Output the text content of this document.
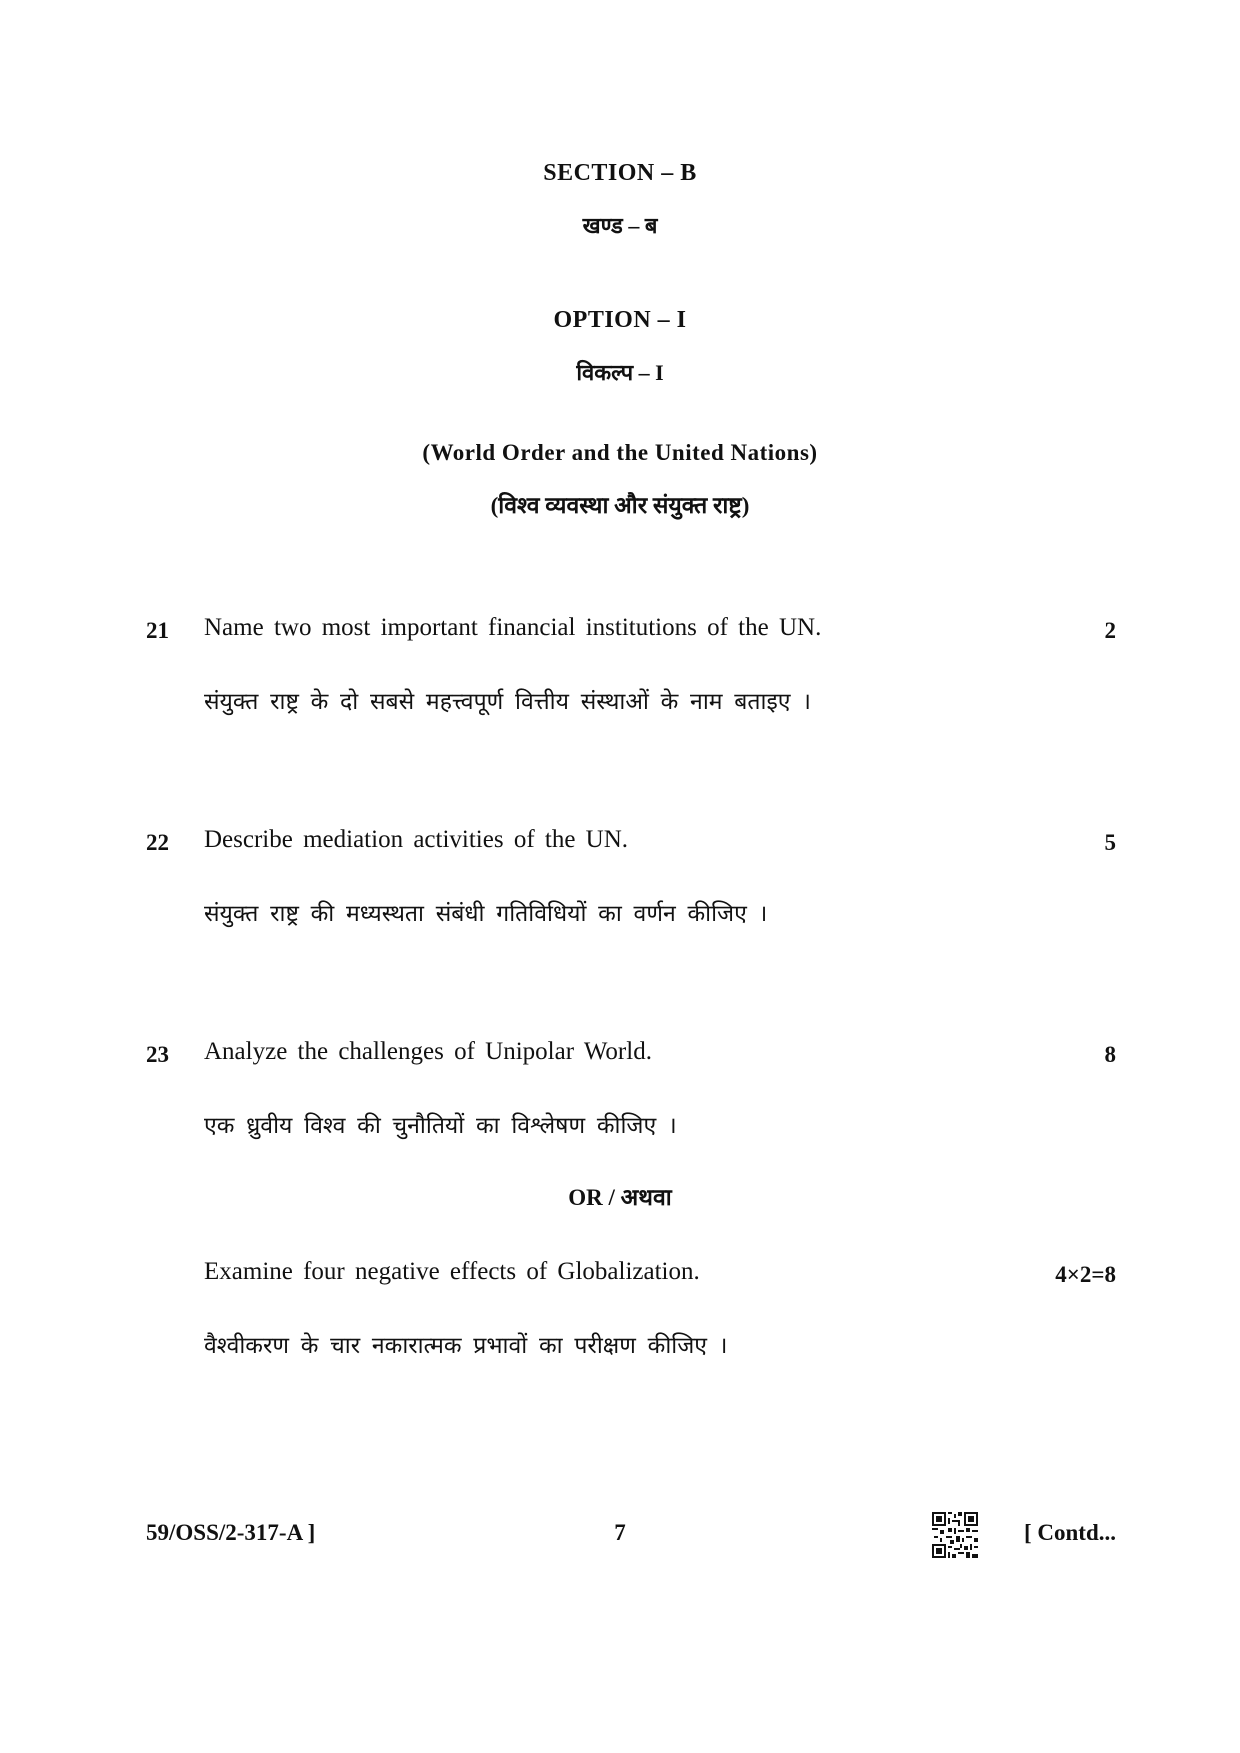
SECTION – B
खण्ड – ब
OPTION – I
विकल्प – I
(World Order and the United Nations)
(विश्व व्यवस्था और संयुक्त राष्ट्र)
21 Name two most important financial institutions of the UN.	2
संयुक्त राष्ट्र के दो सबसे महत्त्वपूर्ण वित्तीय संस्थाओं के नाम बताइए ।
22 Describe mediation activities of the UN.	5
संयुक्त राष्ट्र की मध्यस्थता संबंधी गतिविधियों का वर्णन कीजिए ।
23 Analyze the challenges of Unipolar World.	8
एक ध्रुवीय विश्व की चुनौतियों का विश्लेषण कीजिए ।
OR / अथवा
Examine four negative effects of Globalization.	4×2=8
वैश्वीकरण के चार नकारात्मक प्रभावों का परीक्षण कीजिए ।
59/OSS/2-317-A ]	7	[ Contd...
